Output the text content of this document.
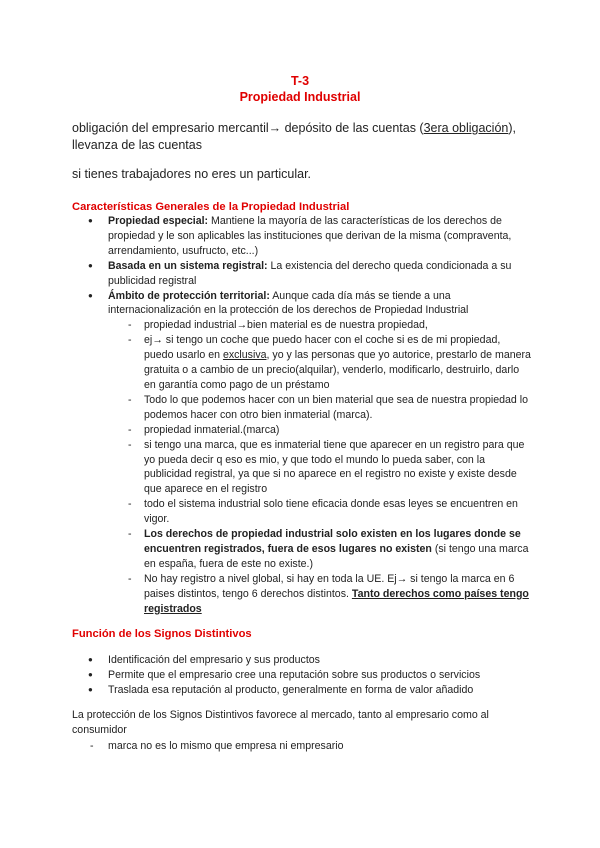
T-3
Propiedad Industrial
obligación del empresario mercantil→ depósito de las cuentas (3era obligación),
llevanza de las cuentas
si tienes trabajadores no eres un particular.
Características Generales de la Propiedad Industrial
● Propiedad especial: Mantiene la mayoría de las características de los derechos de propiedad y le son aplicables las instituciones que derivan de la misma (compraventa, arrendamiento, usufructo, etc...)
● Basada en un sistema registral: La existencia del derecho queda condicionada a su publicidad registral
● Ámbito de protección territorial: Aunque cada día más se tiende a una internacionalización en la protección de los derechos de Propiedad Industrial
- propiedad industrial→bien material es de nuestra propiedad,
- ej→ si tengo un coche que puedo hacer con el coche si es de mi propiedad, puedo usarlo en exclusiva, yo y las personas que yo autorice, prestarlo de manera gratuita o a cambio de un precio(alquilar), venderlo, modificarlo, destruirlo, darlo en garantía como pago de un préstamo
- Todo lo que podemos hacer con un bien material que sea de nuestra propiedad lo podemos hacer con otro bien inmaterial (marca).
- propiedad inmaterial.(marca)
- si tengo una marca, que es inmaterial tiene que aparecer en un registro para que yo pueda decir q eso es mio, y que todo el mundo lo pueda saber, con la publicidad registral, ya que si no aparece en el registro no existe y existe desde que aparece en el registro
- todo el sistema industrial solo tiene eficacia donde esas leyes se encuentren en vigor.
- Los derechos de propiedad industrial solo existen en los lugares donde se encuentren registrados, fuera de esos lugares no existen (si tengo una marca en españa, fuera de este no existe.)
- No hay registro a nivel global, si hay en toda la UE. Ej→ si tengo la marca en 6 paises distintos, tengo 6 derechos distintos. Tanto derechos como países tengo registrados
Función de los Signos Distintivos
● Identificación del empresario y sus productos
● Permite que el empresario cree una reputación sobre sus productos o servicios
● Traslada esa reputación al producto, generalmente en forma de valor añadido
La protección de los Signos Distintivos favorece al mercado, tanto al empresario como al consumidor
- marca no es lo mismo que empresa ni empresario
